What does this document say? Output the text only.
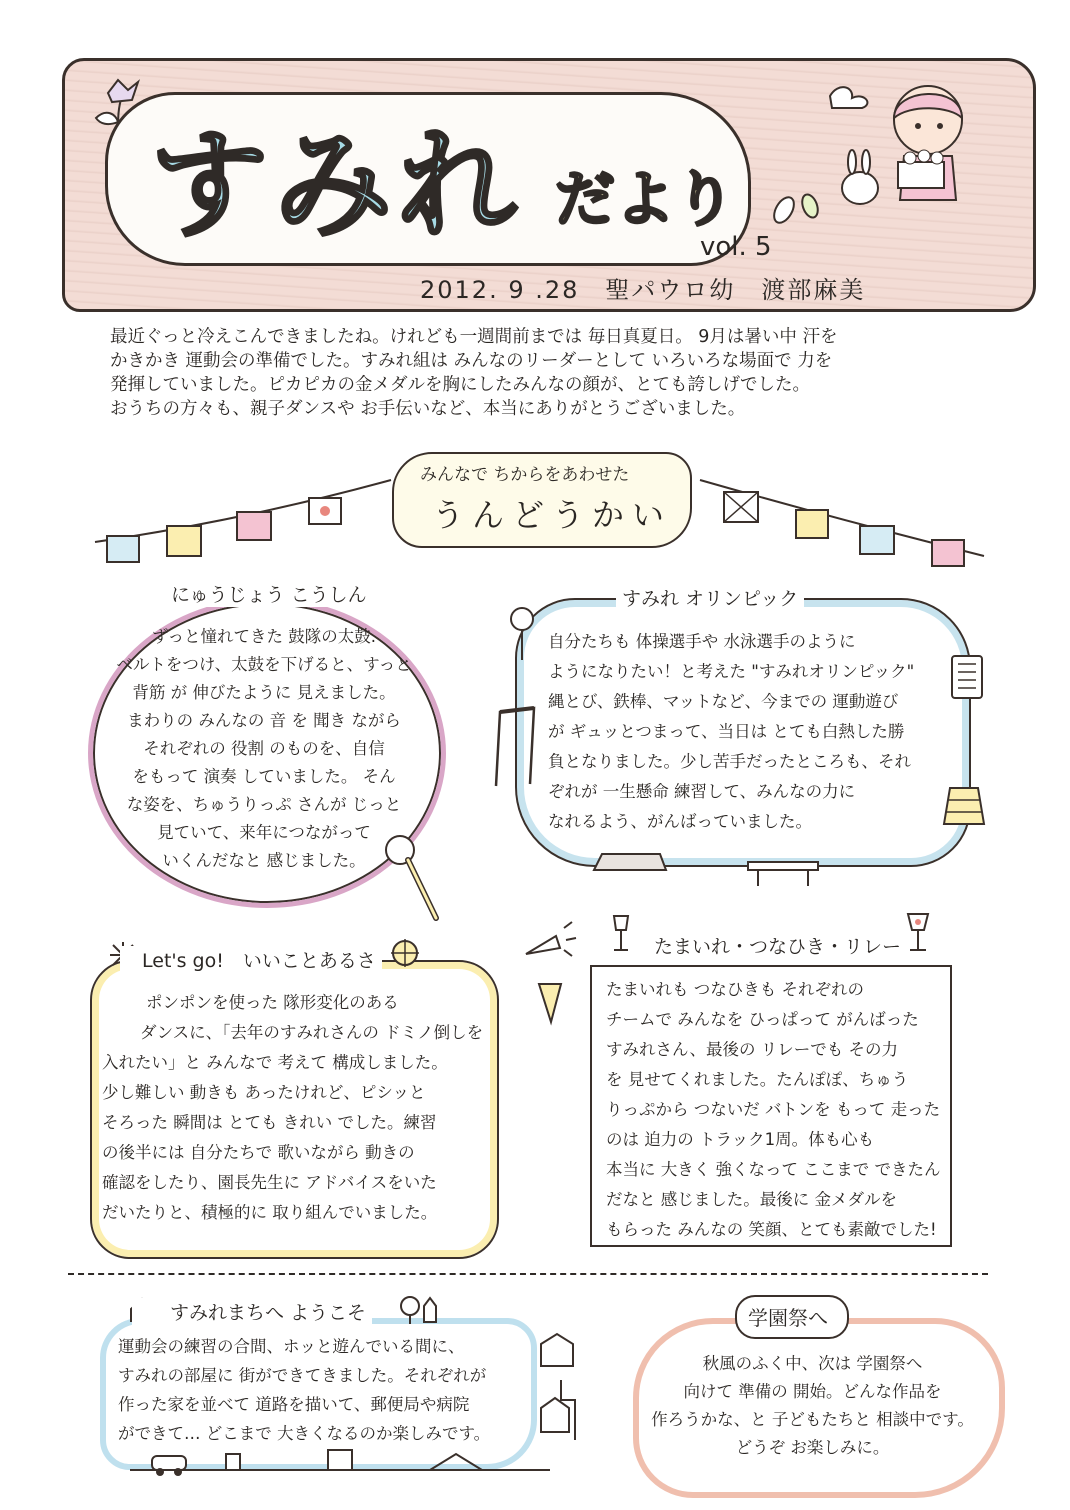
すみれ だより
vol. 5
2012. 9 .28　聖パウロ幼　渡部麻美

最近ぐっと冷えこんできましたね。けれども一週間前までは 毎日真夏日。 9月は暑い中 汗を

かきかき 運動会の準備でした。すみれ組は みんなのリーダーとして いろいろな場面で 力を

発揮していました。ピカピカの金メダルを胸にしたみんなの顔が、とても誇しげでした。

おうちの方々も、親子ダンスや お手伝いなど、本当にありがとうございました。

みんなで ちからをあわせた
うんどうかい
にゅうじょう こうしん
ずっと憧れてきた 鼓隊の太鼓.
ベルトをつけ、太鼓を下げると、すっと
背筋 が 伸びたように 見えました。
まわりの みんなの 音 を 聞き ながら
それぞれの 役割 のものを、自信
をもって 演奏 していました。 そん
な姿を、ちゅうりっぷ さんが じっと
見ていて、来年につながって
いくんだなと 感じました。
すみれ オリンピック
自分たちも 体操選手や 水泳選手のように
ようになりたい！と考えた "すみれオリンピック"
縄とび、鉄棒、マットなど、今までの 運動遊び
が ギュッとつまって、当日は とても白熱した勝
負となりました。少し苦手だったところも、それ
ぞれが 一生懸命 練習して、みんなの力に
なれるよう、がんばっていました。
Let's go!　いいことあるさ
ポンポンを使った 隊形変化のある
ダンスに、「去年のすみれさんの ドミノ倒しを
入れたい」と みんなで 考えて 構成しました。
少し難しい 動きも あったけれど、ピシッと
そろった 瞬間は とても きれい でした。練習
の後半には 自分たちで 歌いながら 動きの
確認をしたり、園長先生に アドバイスをいた
だいたりと、積極的に 取り組んでいました。
たまいれ・つなひき・リレー
たまいれも つなひきも それぞれの
チームで みんなを ひっぱって がんばった
すみれさん、最後の リレーでも その力
を 見せてくれました。たんぽぽ、ちゅう
りっぷから つないだ バトンを もって 走った
のは 迫力の トラック1周。体も心も
本当に 大きく 強くなって ここまで できたん
だなと 感じました。最後に 金メダルを
もらった みんなの 笑顔、とても素敵でした!
すみれまちへ ようこそ
運動会の練習の合間、ホッと遊んでいる間に、
すみれの部屋に 街ができてきました。それぞれが
作った家を並べて 道路を描いて、郵便局や病院
ができて… どこまで 大きくなるのか楽しみです。
学園祭へ
秋風のふく中、次は 学園祭へ
向けて 準備の 開始。どんな作品を
作ろうかな、と 子どもたちと 相談中です。
どうぞ お楽しみに。
